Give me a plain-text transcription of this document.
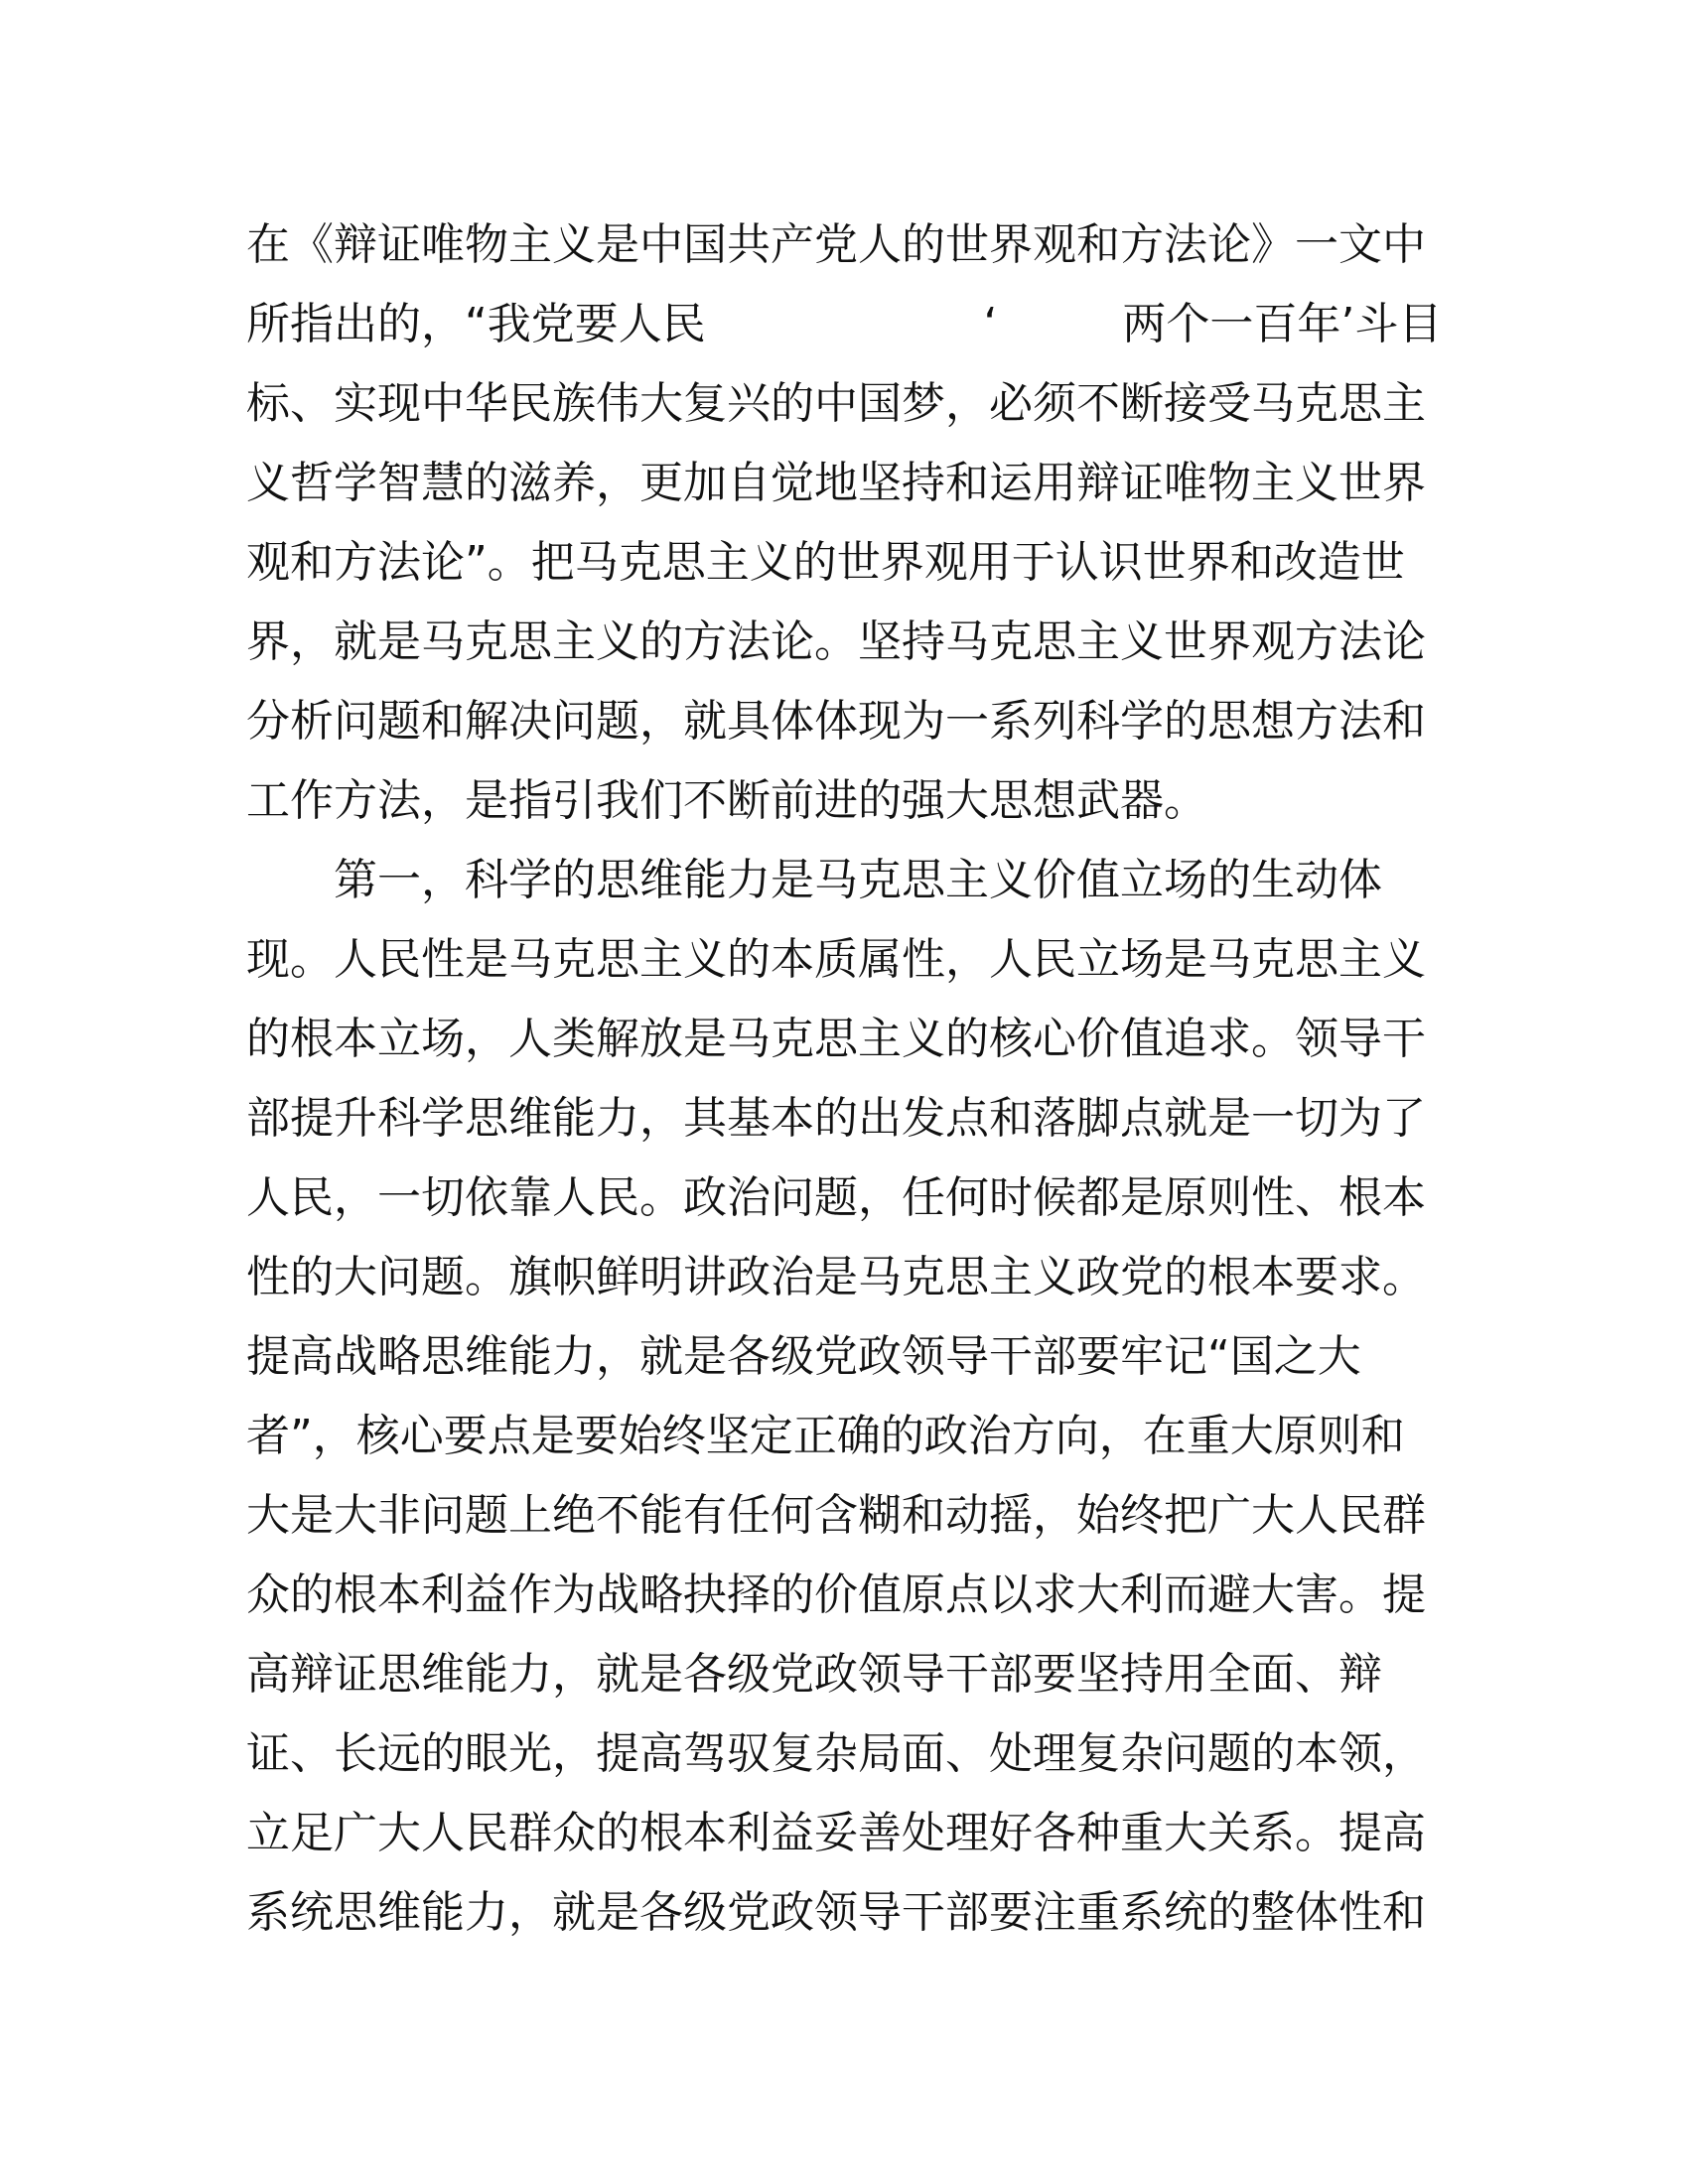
在《辩证唯物主义是中国共产党人的世界观和方法论》一文中
所指出的，“我党要人民                    ‘         两个一百年’斗目
标、实现中华民族伟大复兴的中国梦，必须不断接受马克思主
义哲学智慧的滋养，更加自觉地坚持和运用辩证唯物主义世界
观和方法论”。把马克思主义的世界观用于认识世界和改造世
界，就是马克思主义的方法论。坚持马克思主义世界观方法论
分析问题和解决问题，就具体体现为一系列科学的思想方法和
工作方法，是指引我们不断前进的强大思想武器。
第一，科学的思维能力是马克思主义价值立场的生动体
现。人民性是马克思主义的本质属性，人民立场是马克思主义
的根本立场，人类解放是马克思主义的核心价值追求。领导干
部提升科学思维能力，其基本的出发点和落脚点就是一切为了
人民，一切依靠人民。政治问题，任何时候都是原则性、根本
性的大问题。旗帜鲜明讲政治是马克思主义政党的根本要求。
提高战略思维能力，就是各级党政领导干部要牢记“国之大
者”，核心要点是要始终坚定正确的政治方向，在重大原则和
大是大非问题上绝不能有任何含糊和动摇，始终把广大人民群
众的根本利益作为战略抉择的价值原点以求大利而避大害。提
高辩证思维能力，就是各级党政领导干部要坚持用全面、辩
证、长远的眼光，提高驾驭复杂局面、处理复杂问题的本领，
立足广大人民群众的根本利益妥善处理好各种重大关系。提高
系统思维能力，就是各级党政领导干部要注重系统的整体性和
